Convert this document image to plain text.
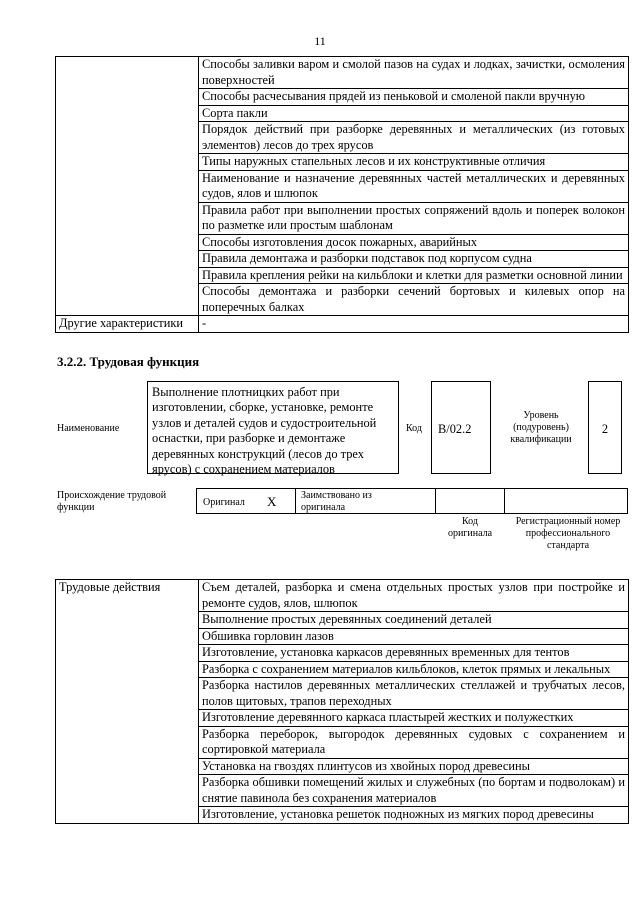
11
	Способы заливки варом и смолой пазов на судах и лодках, зачистки, осмоления поверхностей
	Способы расчесывания прядей из пеньковой и смоленой пакли вручную
	Сорта пакли
	Порядок действий при разборке деревянных и металлических (из готовых элементов) лесов до трех ярусов
	Типы наружных стапельных лесов и их конструктивные отличия
	Наименование и назначение деревянных частей металлических и деревянных судов, ялов и шлюпок
	Правила работ при выполнении простых сопряжений вдоль и поперек волокон по разметке или простым шаблонам
	Способы изготовления досок пожарных, аварийных
	Правила демонтажа и разборки подставок под корпусом судна
	Правила крепления рейки на кильблоки и клетки для разметки основной линии
	Способы демонтажа и разборки сечений бортовых и килевых опор на поперечных балках
Другие характеристики	-
3.2.2. Трудовая функция
Наименование
Выполнение плотницких работ при изготовлении, сборке, установке, ремонте узлов и деталей судов и судостроительной оснастки, при разборке и демонтаже деревянных конструкций (лесов до трех ярусов) с сохранением материалов
Код	B/02.2
Уровень (подуровень) квалификации
2
Происхождение трудовой функции	Оригинал X Заимствовано из оригинала
Код оригинала
Регистрационный номер профессионального стандарта
Трудовые действия	Съем деталей, разборка и смена отдельных простых узлов при постройке и ремонте судов, ялов, шлюпок
Выполнение простых деревянных соединений деталей
Обшивка горловин лазов
Изготовление, установка каркасов деревянных временных для тентов
Разборка с сохранением материалов кильблоков, клеток прямых и лекальных
Разборка настилов деревянных металлических стеллажей и трубчатых лесов, полов щитовых, трапов переходных
Изготовление деревянного каркаса пластырей жестких и полужестких
Разборка переборок, выгородок деревянных судовых с сохранением и сортировкой материала
Установка на гвоздях плинтусов из хвойных пород древесины
Разборка обшивки помещений жилых и служебных (по бортам и подволокам) и снятие павинола без сохранения материалов
Изготовление, установка решеток подножных из мягких пород древесины
